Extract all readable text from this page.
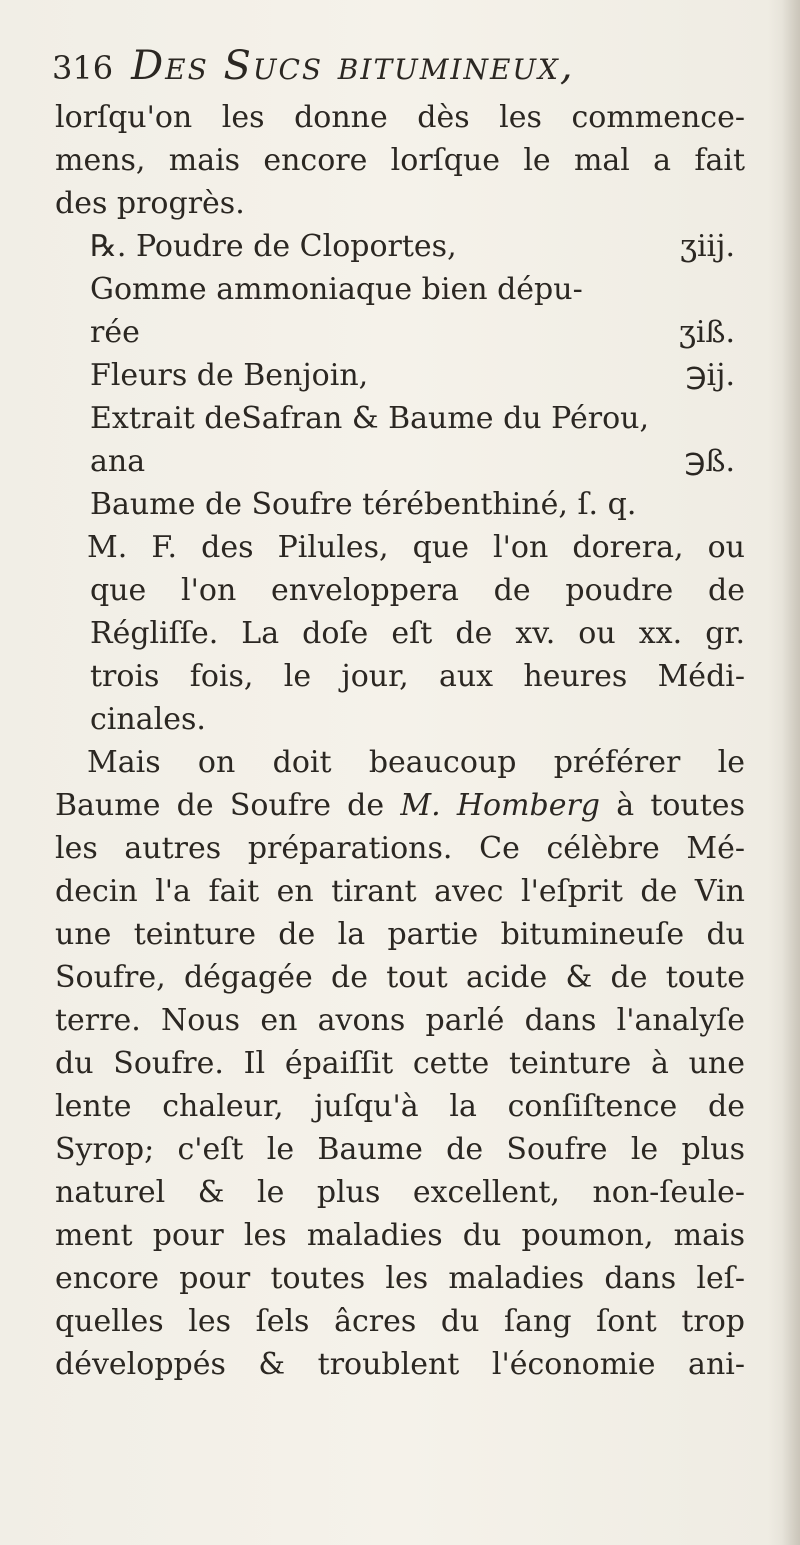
316 Des Sucs bitumineux,
lorſqu'on les donne dès les commence-
mens, mais encore lorſque le mal a fait
des progrès.
℞. Poudre de Cloportes,	ʒiij.
Gomme ammoniaque bien dépu-
rée	ʒiß.
Fleurs de Benjoin,	℈ij.
Extrait deSafran & Baume du Pérou,
ana	℈ß.
Baume de Soufre térébenthiné, ſ. q.
M. F. des Pilules, que l'on dorera, ou
que l'on enveloppera de poudre de
Régliſſe. La doſe eſt de xv. ou xx. gr.
trois fois, le jour, aux heures Médi-
cinales.
Mais on doit beaucoup préférer le
Baume de Soufre de M. Homberg à toutes
les autres préparations. Ce célèbre Mé-
decin l'a fait en tirant avec l'eſprit de Vin
une teinture de la partie bitumineuſe du
Soufre, dégagée de tout acide & de toute
terre. Nous en avons parlé dans l'analyſe
du Soufre. Il épaiſſit cette teinture à une
lente chaleur, juſqu'à la conſiſtence de
Syrop; c'eſt le Baume de Soufre le plus
naturel & le plus excellent, non-ſeule-
ment pour les maladies du poumon, mais
encore pour toutes les maladies dans leſ-
quelles les ſels âcres du ſang ſont trop
développés & troublent l'économie ani-
